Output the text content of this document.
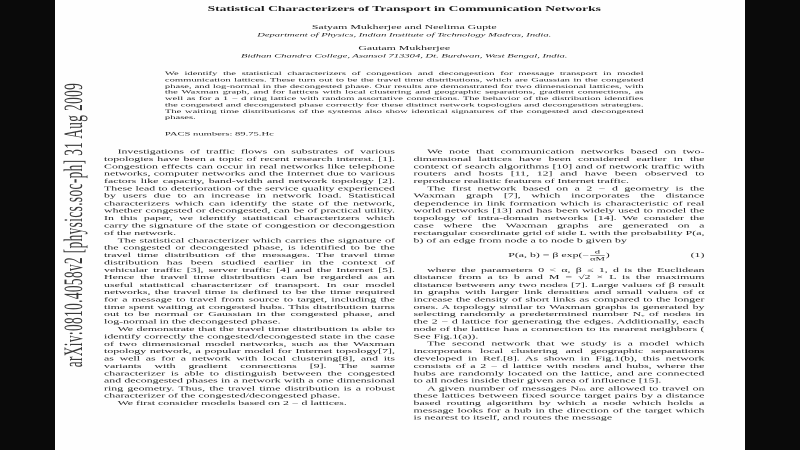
arXiv:0810.4058v2 [physics.soc-ph] 31 Aug 2009
Statistical Characterizers of Transport in Communication Networks
Satyam Mukherjee and Neelima Gupte
Department of Physics, Indian Institute of Technology Madras, India.
Gautam Mukherjee
Bidhan Chandra College, Asansol 713304, Dt. Burdwan, West Bengal, India.
We identify the statistical characterizers of congestion and decongestion for message transport in model communication lattices. These turn out to be the travel time distributions, which are Gaussian in the congested phase, and log-normal in the decongested phase. Our results are demonstrated for two dimensional lattices, with the Waxman graph, and for lattices with local clustering and geographic separations, gradient connections, as well as for a 1 − d ring lattice with random assortative connections. The behavior of the distribution identifies the congested and decongested phase correctly for these distinct network topologies and decongestion strategies. The waiting time distributions of the systems also show identical signatures of the congested and decongested phases.
PACS numbers: 89.75.Hc

Investigations of traffic flows on substrates of various topologies have been a topic of recent research interest. [1]. Congestion effects can occur in real networks like telephone networks, computer networks and the Internet due to various factors like capacity, band-width and network topology [2]. These lead to deterioration of the service quality experienced by users due to an increase in network load. Statistical characterizers which can identify the state of the network, whether congested or decongested, can be of practical utility. In this paper, we identify statistical characterizers which carry the signature of the state of congestion or decongestion of the network.

The statistical characterizer which carries the signature of the congested or decongested phase, is identified to be the travel time distribution of the messages. The travel time distribution has been studied earlier in the context of vehicular traffic [3], server traffic [4] and the Internet [5]. Hence the travel time distribution can be regarded as an useful statistical characterizer of transport. In our model networks, the travel time is defined to be the time required for a message to travel from source to target, including the time spent waiting at congested hubs. This distribution turns out to be normal or Gaussian in the congested phase, and log-normal in the decongested phase.

We demonstrate that the travel time distribution is able to identify correctly the congested/decongested state in the case of two dimensional model networks, such as the Waxman topology network, a popular model for Internet topology[7], as well as for a network with local clustering[8], and its variants with gradient connections [9]. The same characterizer is able to distinguish between the congested and decongested phases in a network with a one dimensional ring geometry. Thus, the travel time distribution is a robust characterizer of the congested/decongested phase.

We first consider models based on 2 − d lattices.

We note that communication networks based on two-dimensional lattices have been considered earlier in the context of search algorithms [10] and of network traffic with routers and hosts [11, 12] and have been observed to reproduce realistic features of Internet traffic.

The first network based on a 2 − d geometry is the Waxman graph [7], which incorporates the distance dependence in link formation which is characteristic of real world networks [13] and has been widely used to model the topology of intra-domain networks [14]. We consider the case where the Waxman graphs are generated on a rectangular coordinate grid of side L with the probability P(a, b) of an edge from node a to node b given by

P(a, b) = β $\exp(- \frac{d}{\alpha M}$ )	(1)

where the parameters 0 < α, β ≤ 1, d is the Euclidean distance from a to b and M = √2 × L is the maximum distance between any two nodes [7]. Large values of β result in graphs with larger link densities and small values of α increase the density of short links as compared to the longer ones. A topology similar to Waxman graphs is generated by selecting randomly a predetermined number Nᵥ of nodes in the 2 − d lattice for generating the edges. Additionally, each node of the lattice has a connection to its nearest neighbors ( See Fig.1(a)).

The second network that we study is a model which incorporates local clustering and geographic separations developed in Ref.[8]. As shown in Fig.1(b), this network consists of a 2 − d lattice with nodes and hubs, where the hubs are randomly located on the lattice, and are connected to all nodes inside their given area of influence [15].

A given number of messages Nₘ are allowed to travel on these lattices between fixed source target pairs by a distance based routing algorithm by which a node which holds a message looks for a hub in the direction of the target which is nearest to itself, and routes the message
